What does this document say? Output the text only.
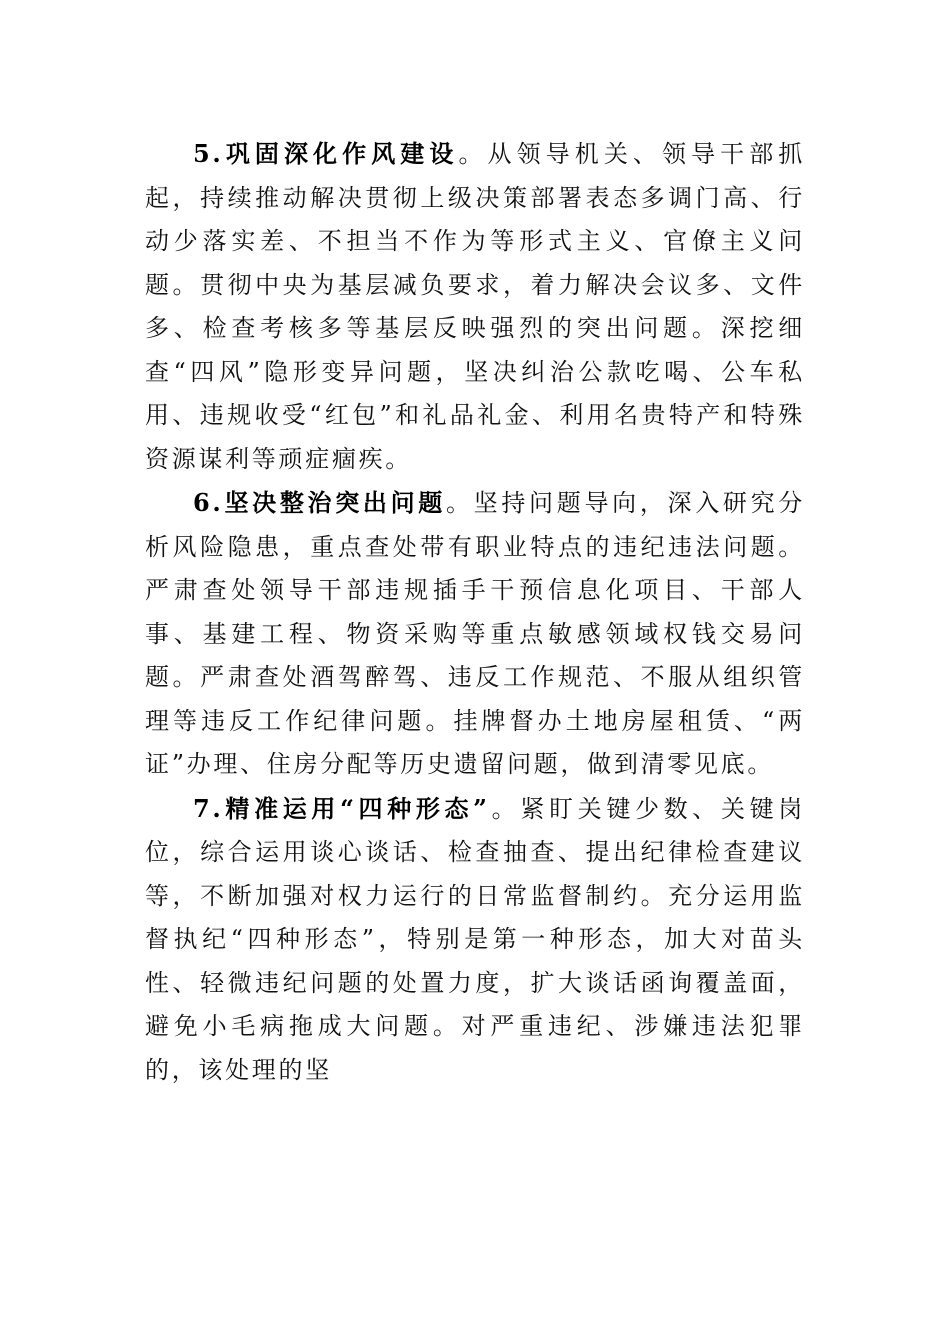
5.巩固深化作风建设。从领导机关、领导干部抓起，持续推动解决贯彻上级决策部署表态多调门高、行动少落实差、不担当不作为等形式主义、官僚主义问题。贯彻中央为基层减负要求，着力解决会议多、文件多、检查考核多等基层反映强烈的突出问题。深挖细查“四风”隐形变异问题，坚决纠治公款吃喝、公车私用、违规收受“红包”和礼品礼金、利用名贵特产和特殊资源谋利等顽症痼疾。

6.坚决整治突出问题。坚持问题导向，深入研究分析风险隐患，重点查处带有职业特点的违纪违法问题。严肃查处领导干部违规插手干预信息化项目、干部人事、基建工程、物资采购等重点敏感领域权钱交易问题。严肃查处酒驾醉驾、违反工作规范、不服从组织管理等违反工作纪律问题。挂牌督办土地房屋租赁、“两证”办理、住房分配等历史遗留问题，做到清零见底。

7.精准运用“四种形态”。紧盯关键少数、关键岗位，综合运用谈心谈话、检查抽查、提出纪律检查建议等，不断加强对权力运行的日常监督制约。充分运用监督执纪“四种形态”，特别是第一种形态，加大对苗头性、轻微违纪问题的处置力度，扩大谈话函询覆盖面，避免小毛病拖成大问题。对严重违纪、涉嫌违法犯罪的，该处理的坚
